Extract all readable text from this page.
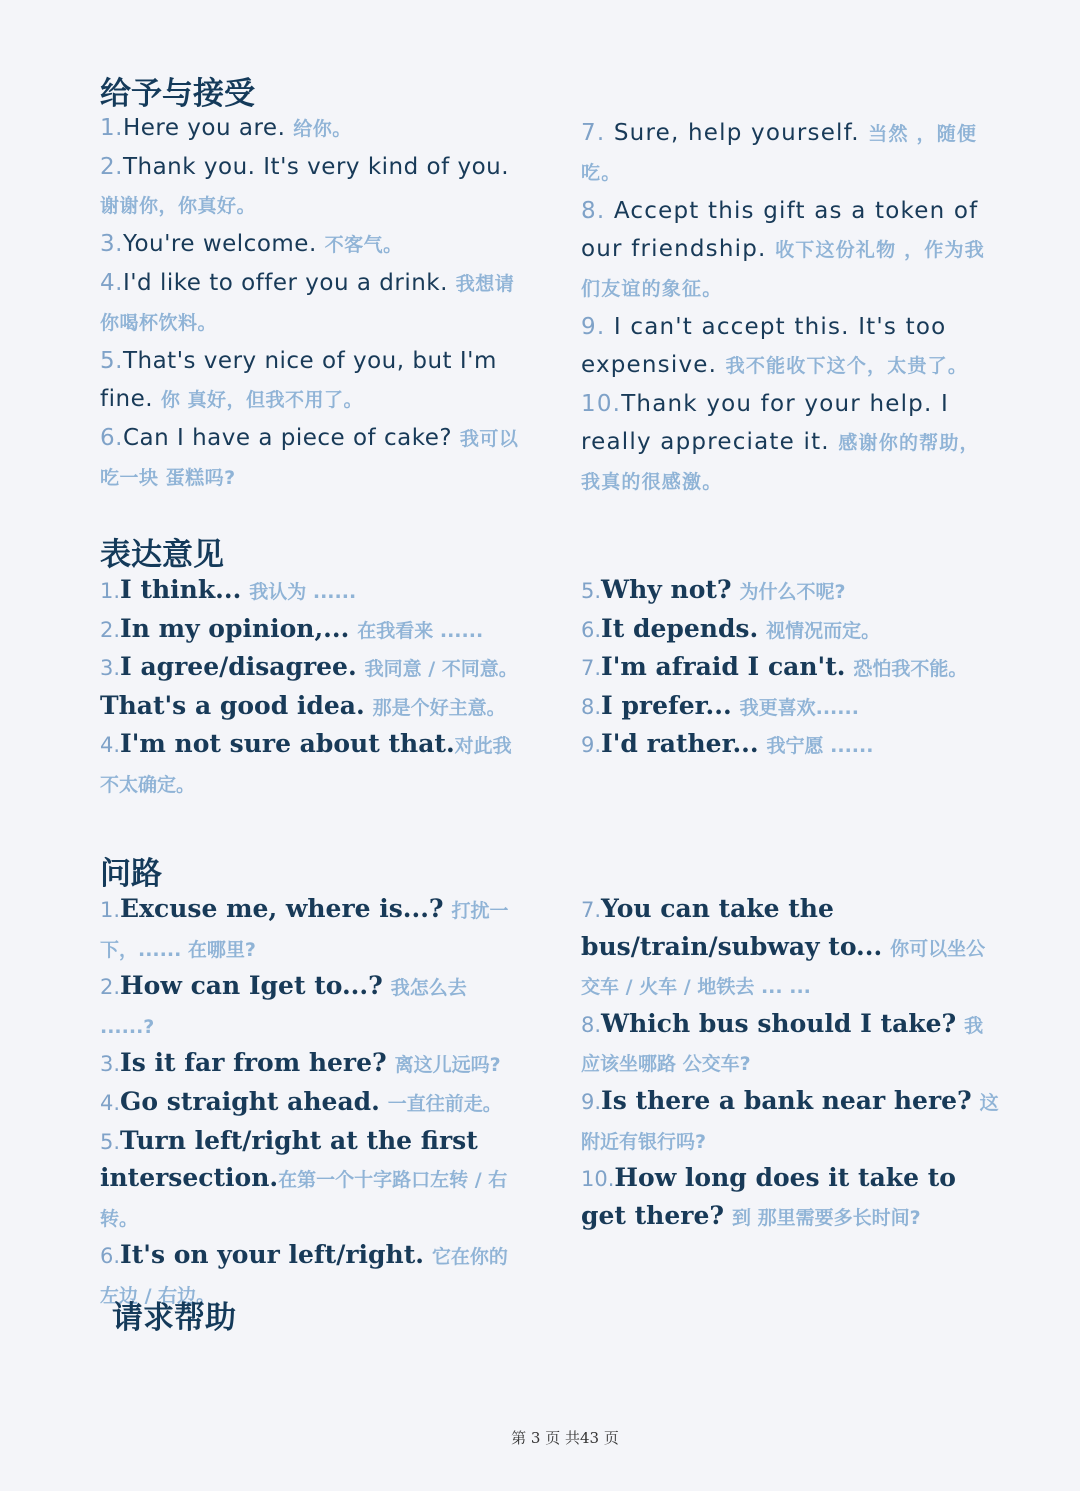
给予与接受
1.Here you are. 给你。
2.Thank you. It's very kind of you. 谢谢你，你真好。
3.You're welcome. 不客气。
4.I'd like to offer you a drink. 我想请你喝杯饮料。
5.That's very nice of you, but I'm fine. 你 真好，但我不用了。
6.Can I have a piece of cake? 我可以吃一块 蛋糕吗?
7. Sure, help yourself. 当然 ，随便吃。
8. Accept this gift as a token of our friendship. 收下这份礼物 ，作为我们友谊的象征。
9. I can't accept this. It's too expensive. 我不能收下这个，太贵了。
10.Thank you for your help. I really appreciate it. 感谢你的帮助， 我真的很感激。
表达意见
1.I think... 我认为 ......
2.In my opinion,... 在我看来 ......
3.I agree/disagree. 我同意 / 不同意。
That's a good idea. 那是个好主意。
4.I'm not sure about that.对此我不太确定。
5.Why not? 为什么不呢?
6.It depends. 视情况而定。
7.I'm afraid I can't. 恐怕我不能。
8.I prefer... 我更喜欢......
9.I'd rather... 我宁愿 ......
问路
1.Excuse me, where is...? 打扰一下，...... 在哪里?
2.How can Iget to...? 我怎么去 ......?
3.Is it far from here? 离这儿远吗?
4.Go straight ahead. 一直往前走。
5.Turn left/right at the first intersection.在第一个十字路口左转 / 右转。
6.It's on your left/right. 它在你的左边 / 右边。
7.You can take the bus/train/subway to... 你可以坐公交车 / 火车 / 地铁去 ... ...
8.Which bus should I take? 我应该坐哪路 公交车?
9.Is there a bank near here? 这附近有银行吗?
10.How long does it take to get there? 到 那里需要多长时间?
请求帮助
第 3 页 共43 页
